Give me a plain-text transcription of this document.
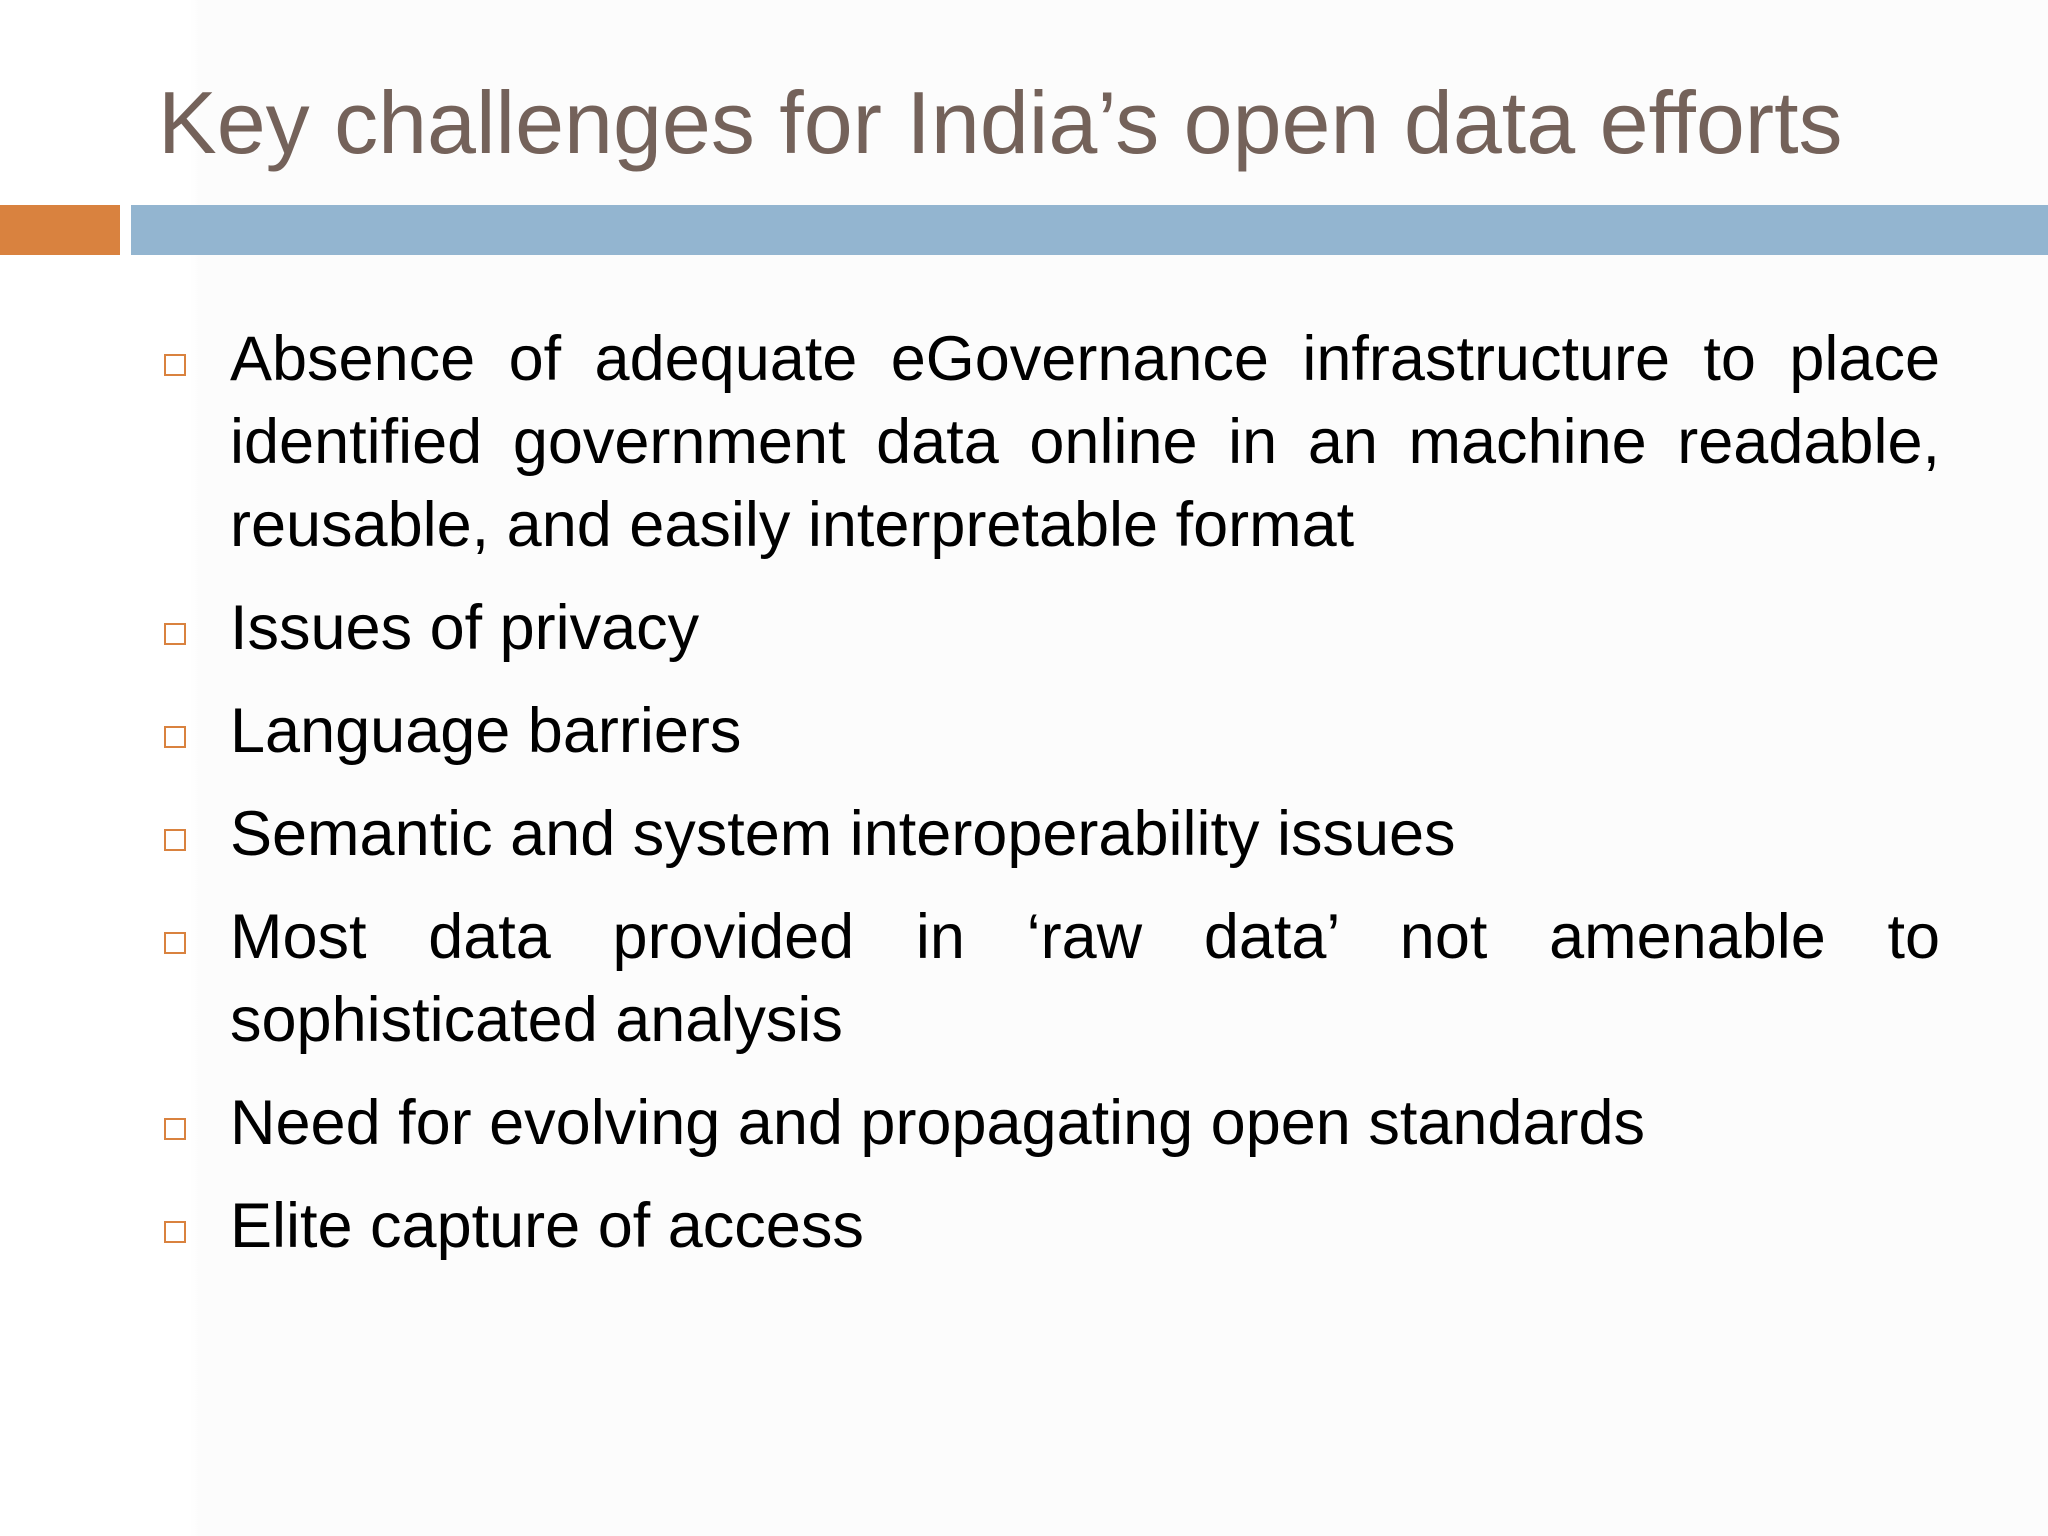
Key challenges for India’s open data efforts
Absence of adequate eGovernance infrastructure to place identified government data online in an machine readable, reusable, and easily interpretable format
Issues of privacy
Language barriers
Semantic and system interoperability issues
Most data provided in ‘raw data’ not amenable to sophisticated analysis
Need for evolving and propagating open standards
Elite capture of access
